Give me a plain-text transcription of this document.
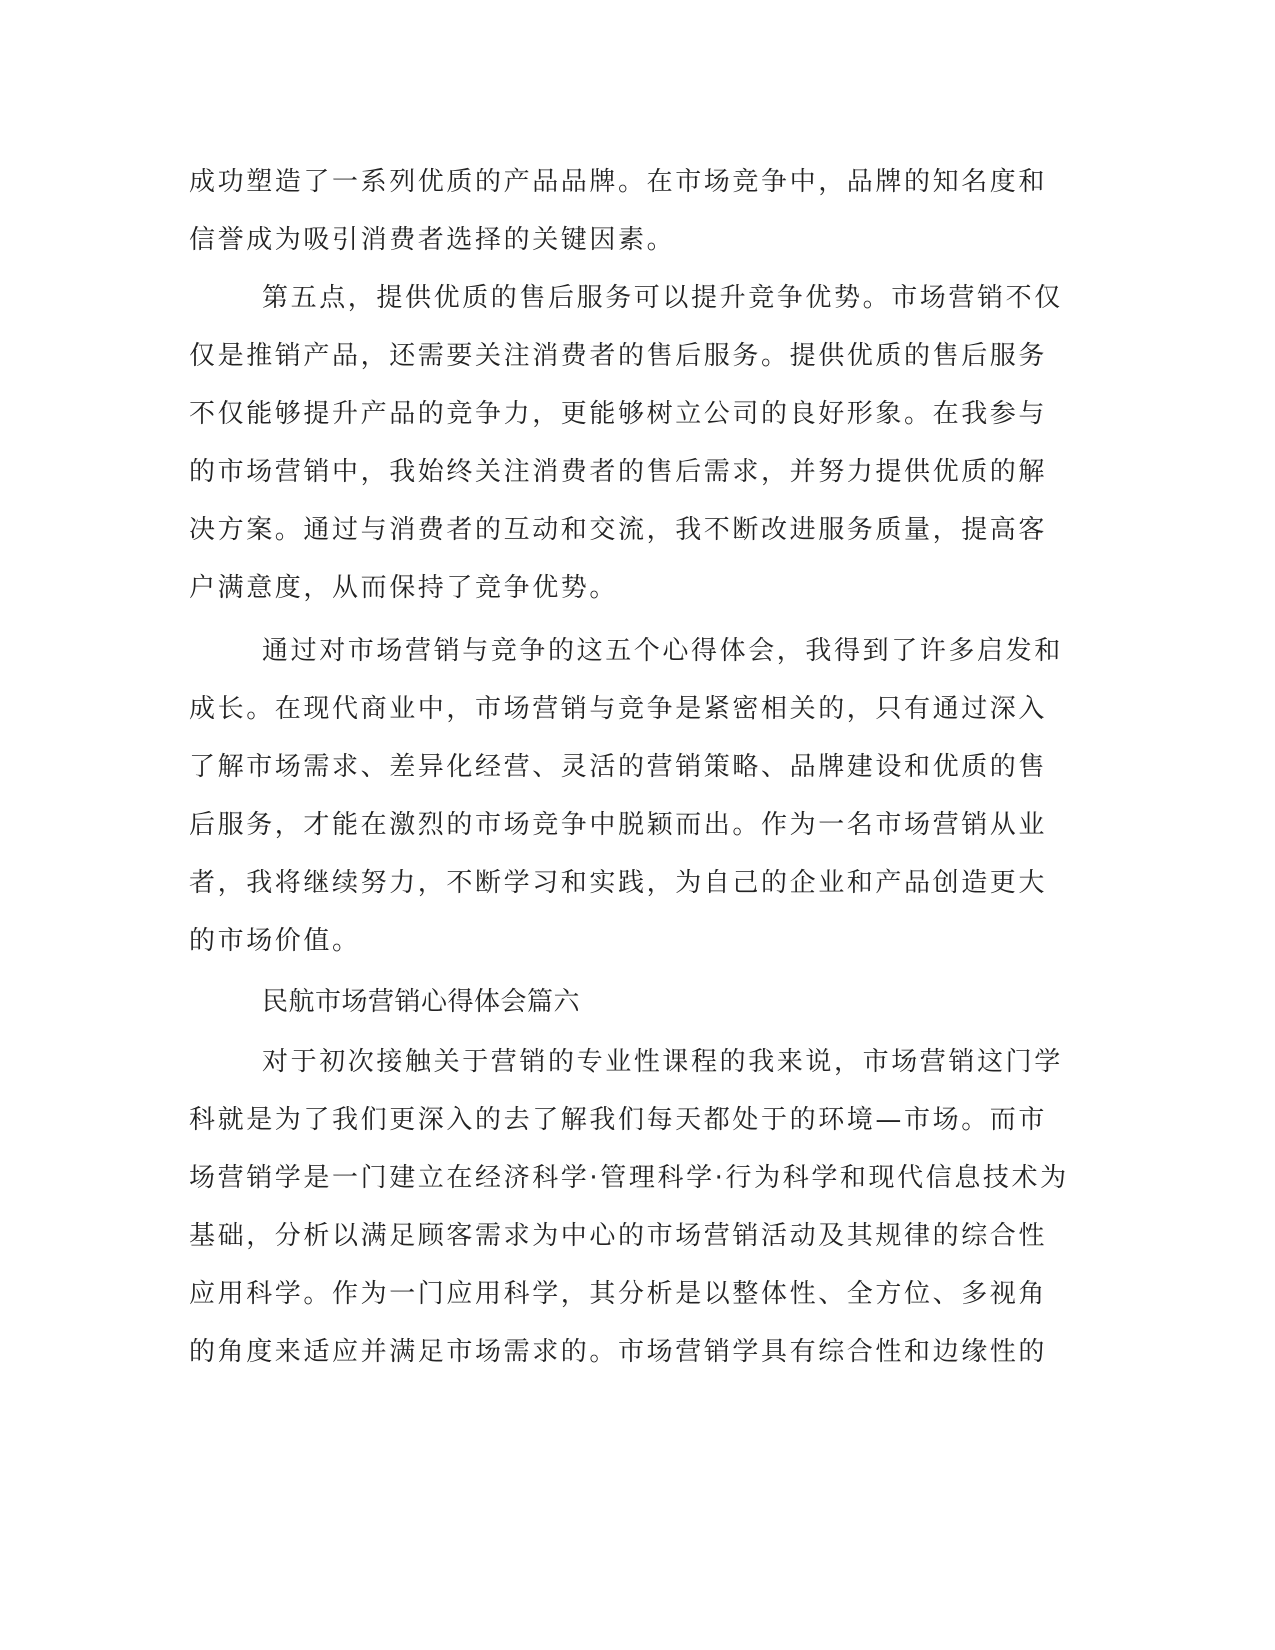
成功塑造了一系列优质的产品品牌。在市场竞争中，品牌的知名度和
信誉成为吸引消费者选择的关键因素。
第五点，提供优质的售后服务可以提升竞争优势。市场营销不仅
仅是推销产品，还需要关注消费者的售后服务。提供优质的售后服务
不仅能够提升产品的竞争力，更能够树立公司的良好形象。在我参与
的市场营销中，我始终关注消费者的售后需求，并努力提供优质的解
决方案。通过与消费者的互动和交流，我不断改进服务质量，提高客
户满意度，从而保持了竞争优势。
通过对市场营销与竞争的这五个心得体会，我得到了许多启发和
成长。在现代商业中，市场营销与竞争是紧密相关的，只有通过深入
了解市场需求、差异化经营、灵活的营销策略、品牌建设和优质的售
后服务，才能在激烈的市场竞争中脱颖而出。作为一名市场营销从业
者，我将继续努力，不断学习和实践，为自己的企业和产品创造更大
的市场价值。
民航市场营销心得体会篇六
对于初次接触关于营销的专业性课程的我来说，市场营销这门学
科就是为了我们更深入的去了解我们每天都处于的环境—市场。而市
场营销学是一门建立在经济科学·管理科学·行为科学和现代信息技术为
基础，分析以满足顾客需求为中心的市场营销活动及其规律的综合性
应用科学。作为一门应用科学，其分析是以整体性、全方位、多视角
的角度来适应并满足市场需求的。市场营销学具有综合性和边缘性的
